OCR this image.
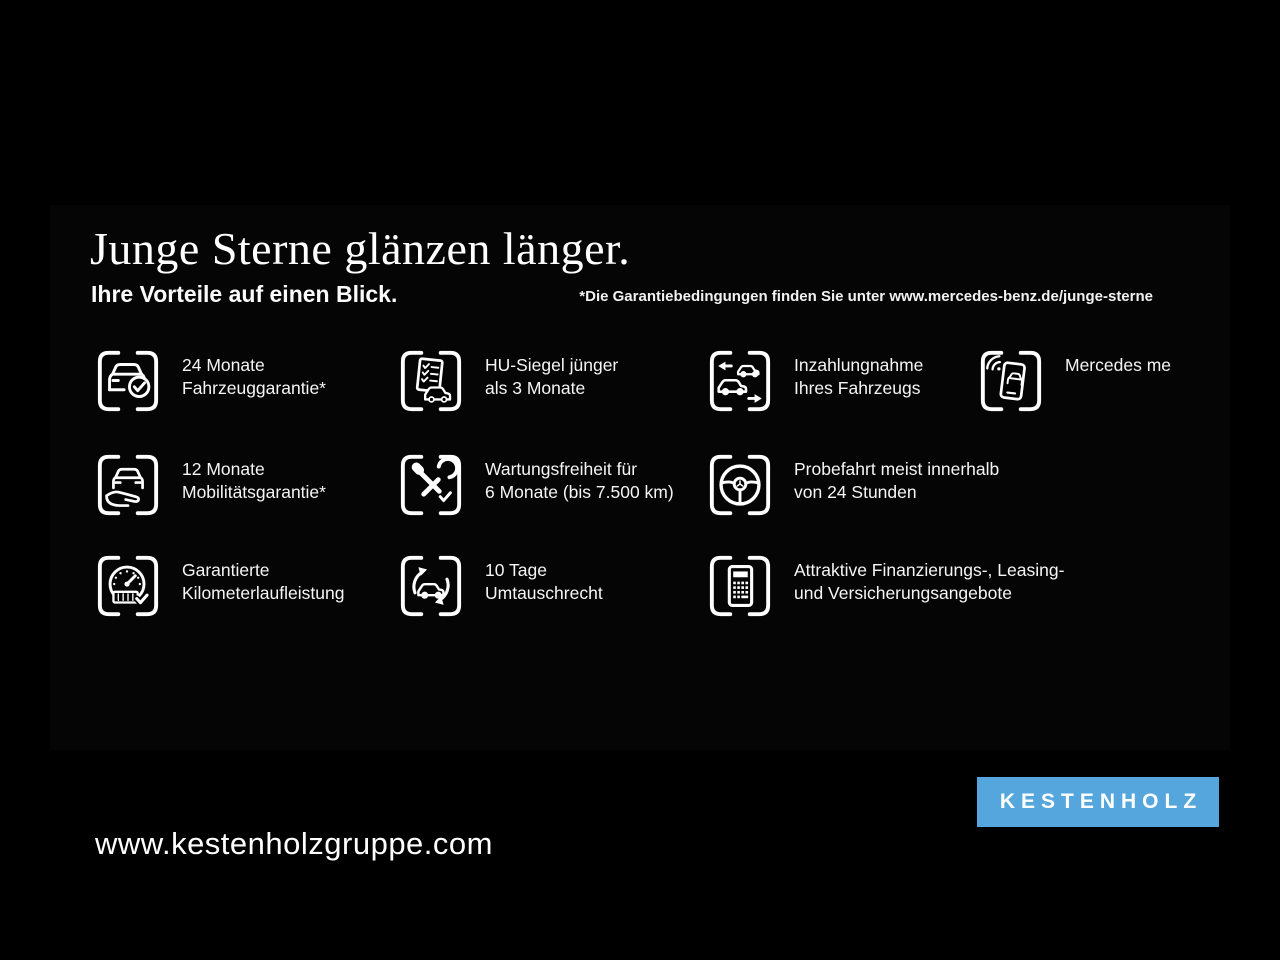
Junge Sterne glänzen länger.
Ihre Vorteile auf einen Blick.	*Die Garantiebedingungen finden Sie unter www.mercedes-benz.de/junge-sterne
24 Monate
Fahrzeuggarantie*
HU-Siegel jünger
als 3 Monate
Inzahlungnahme
Ihres Fahrzeugs
Mercedes me
12 Monate
Mobilitätsgarantie*
Wartungsfreiheit für
6 Monate (bis 7.500 km)
Probefahrt meist innerhalb
von 24 Stunden
Garantierte
Kilometerlaufleistung
10 Tage
Umtauschrecht
Attraktive Finanzierungs-, Leasing-
und Versicherungsangebote
www.kestenholzgruppe.com
KESTENHOLZ
